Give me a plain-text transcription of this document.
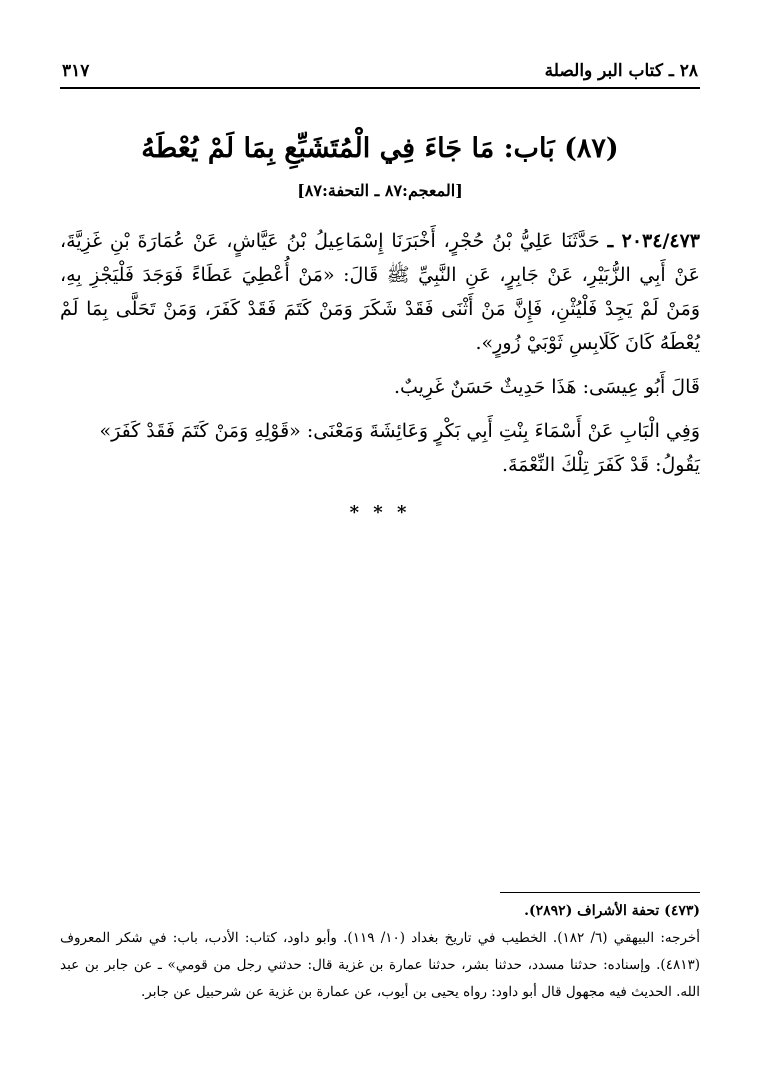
٢٨ ـ كتاب البر والصلة
٣١٧
(٨٧) بَاب: مَا جَاءَ فِي الْمُتَشَبِّعِ بِمَا لَمْ يُعْطَهُ
[المعجم:٨٧ ـ التحفة:٨٧]
٢٠٣٤/٤٧٣ ـ حَدَّثَنَا عَلِيُّ بْنُ حُجْرٍ، أَخْبَرَنَا إِسْمَاعِيلُ بْنُ عَيَّاشٍ، عَنْ عُمَارَةَ بْنِ غَزِيَّةَ، عَنْ أَبِي الزُّبَيْرِ، عَنْ جَابِرٍ، عَنِ النَّبِيِّ ﷺ قَالَ: «مَنْ أُعْطِيَ عَطَاءً فَوَجَدَ فَلْيَجْزِ بِهِ، وَمَنْ لَمْ يَجِدْ فَلْيُثْنِ، فَإِنَّ مَنْ أَثْنَى فَقَدْ شَكَرَ وَمَنْ كَتَمَ فَقَدْ كَفَرَ، وَمَنْ تَحَلَّى بِمَا لَمْ يُعْطَهُ كَانَ كَلَابِسِ ثَوْبَيْ زُورٍ».
قَالَ أَبُو عِيسَى: هَذَا حَدِيثٌ حَسَنٌ غَرِيبٌ.
وَفِي الْبَابِ عَنْ أَسْمَاءَ بِنْتِ أَبِي بَكْرٍ وَعَائِشَةَ وَمَعْنَى: «قَوْلِهِ وَمَنْ كَتَمَ فَقَدْ كَفَرَ» يَقُولُ: قَدْ كَفَرَ تِلْكَ النِّعْمَةَ.
* * *
(٤٧٣) تحفة الأشراف (٢٨٩٢).
أخرجه: البيهقي (٦/ ١٨٢). الخطيب في تاريخ بغداد (١٠/ ١١٩). وأبو داود، كتاب: الأدب، باب: في شكر المعروف (٤٨١٣). وإسناده: حدثنا مسدد، حدثنا بشر، حدثنا عمارة بن غزية قال: حدثني رجل من قومي» ـ عن جابر بن عبد الله. الحديث فيه مجهول قال أبو داود: رواه يحيى بن أيوب، عن عمارة بن غزية عن شرحبيل عن جابر.
